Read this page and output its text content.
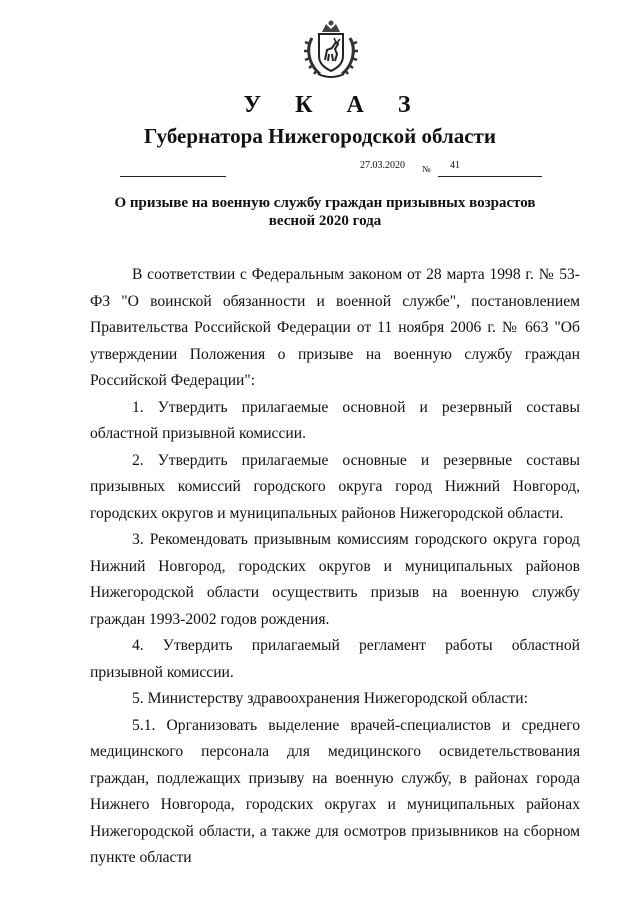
У К А З
Губернатора Нижегородской области
27.03.2020 № 41
О призыве на военную службу граждан призывных возрастов
весной 2020 года

В соответствии с Федеральным законом от 28 марта 1998 г. № 53-ФЗ "О воинской обязанности и военной службе", постановлением Правительства Российской Федерации от 11 ноября 2006 г. № 663 "Об утверждении Положения о призыве на военную службу граждан Российской Федерации":

1. Утвердить прилагаемые основной и резервный составы областной призывной комиссии.

2. Утвердить прилагаемые основные и резервные составы призывных комиссий городского округа город Нижний Новгород, городских округов и муниципальных районов Нижегородской области.

3. Рекомендовать призывным комиссиям городского округа город Нижний Новгород, городских округов и муниципальных районов Нижегородской области осуществить призыв на военную службу граждан 1993-2002 годов рождения.

4. Утвердить прилагаемый регламент работы областной призывной комиссии.

5. Министерству здравоохранения Нижегородской области:

5.1. Организовать выделение врачей-специалистов и среднего медицинского персонала для медицинского освидетельствования граждан, подлежащих призыву на военную службу, в районах города Нижнего Новгорода, городских округах и муниципальных районах Нижегородской области, а также для осмотров призывников на сборном пункте области
